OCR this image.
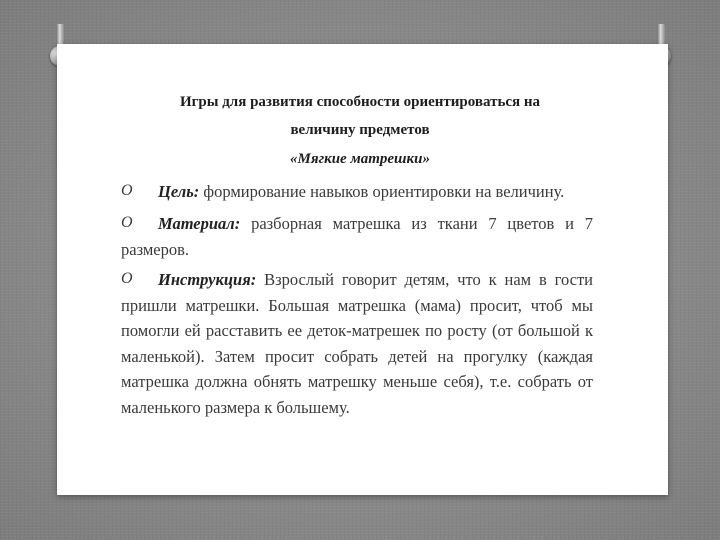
Игры для развития способности ориентироваться на
величину предметов
«Мягкие матрешки»
O	Цель: формирование навыков ориентировки на величину.
O	Материал: разборная матрешка из ткани 7 цветов и 7 размеров.
O	Инструкция: Взрослый говорит детям, что к нам в гости пришли матрешки. Большая матрешка (мама) просит, чтоб мы помогли ей расставить ее деток-матрешек по росту (от большой к маленькой). Затем просит собрать детей на прогулку (каждая матрешка должна обнять матрешку меньше себя), т.е. собрать от маленького размера к большему.
